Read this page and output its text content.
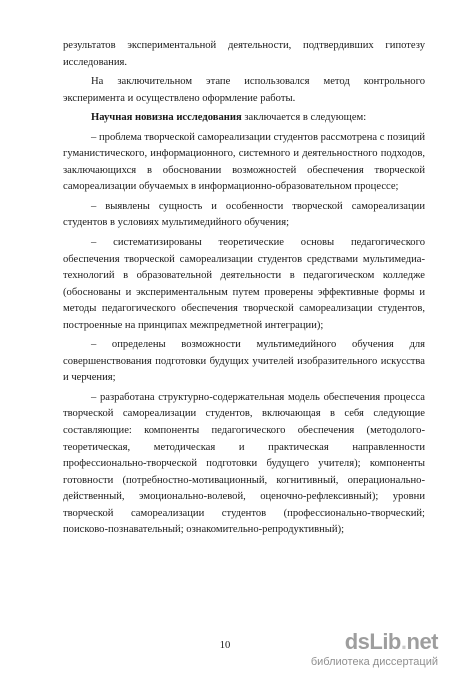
результатов экспериментальной деятельности, подтвердивших гипотезу исследования.

На заключительном этапе использовался метод контрольного эксперимента и осуществлено оформление работы.

Научная новизна исследования заключается в следующем:

– проблема творческой самореализации студентов рассмотрена с позиций гуманистического, информационного, системного и деятельностного подходов, заключающихся в обосновании возможностей обеспечения творческой самореализации обучаемых в информационно-образовательном процессе;

– выявлены сущность и особенности творческой самореализации студентов в условиях мультимедийного обучения;

– систематизированы теоретические основы педагогического обеспечения творческой самореализации студентов средствами мультимедиа-технологий в образовательной деятельности в педагогическом колледже (обоснованы и экспериментальным путем проверены эффективные формы и методы педагогического обеспечения творческой самореализации студентов, построенные на принципах межпредметной интеграции);

– определены возможности мультимедийного обучения для совершенствования подготовки будущих учителей изобразительного искусства и черчения;

– разработана структурно-содержательная модель обеспечения процесса творческой самореализации студентов, включающая в себя следующие составляющие: компоненты педагогического обеспечения (методолого-теоретическая, методическая и практическая направленности профессионально-творческой подготовки будущего учителя); компоненты готовности (потребностно-мотивационный, когнитивный, операционально-действенный, эмоционально-волевой, оценочно-рефлексивный); уровни творческой самореализации студентов (профессионально-творческий; поисково-познавательный; ознакомительно-репродуктивный);

10	dsLib.net
библиотека диссертаций
